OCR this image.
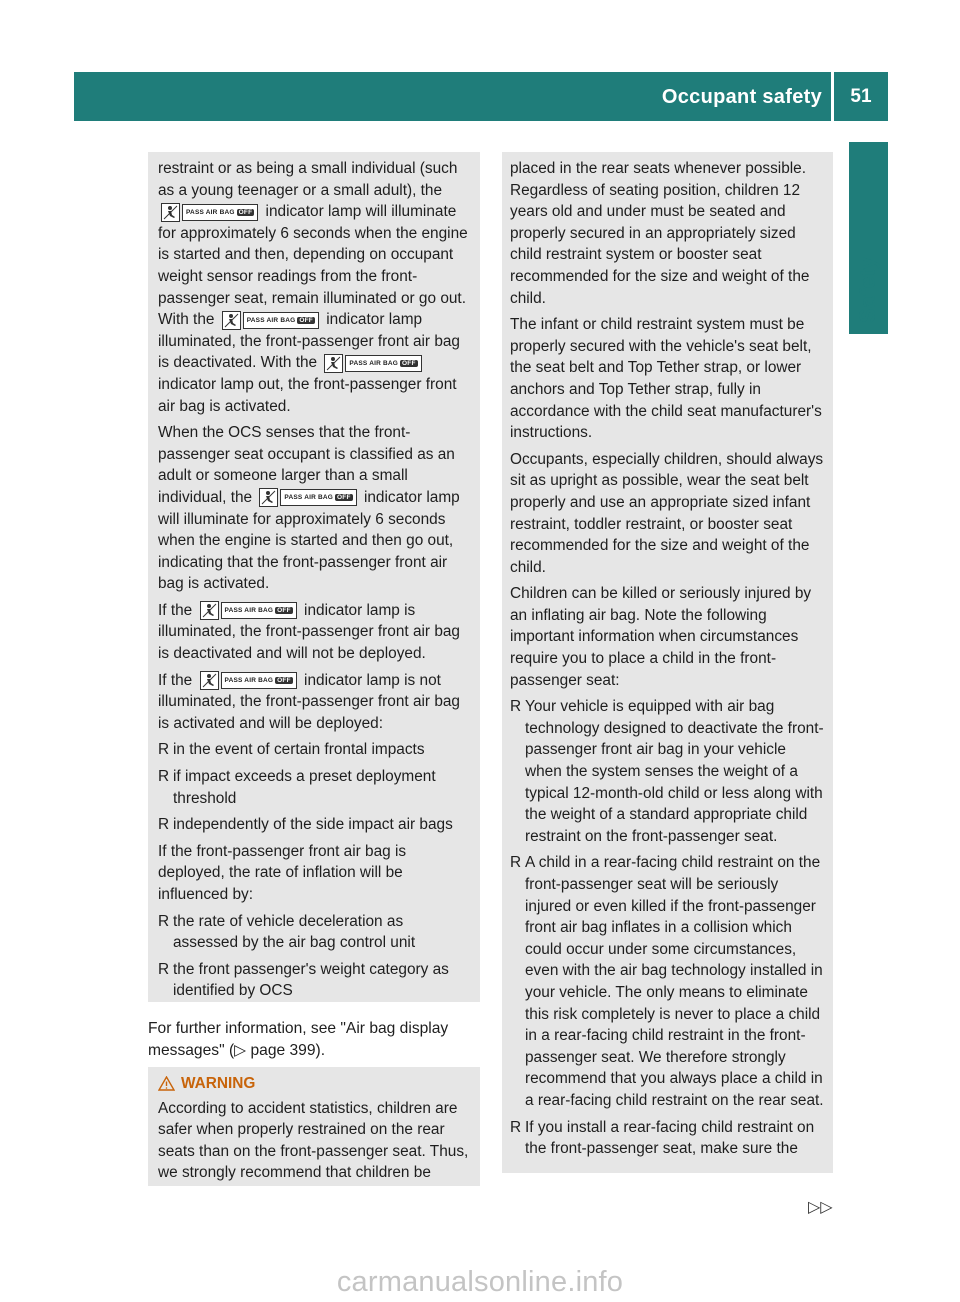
Occupant safety	51
Safety

restraint or as being a small individual (such as a young teenager or a small adult), the
PASS AIR BAG OFF indicator lamp will illuminate for approximately 6 seconds when the engine is started and then, depending on occupant weight sensor readings from the front-passenger seat, remain illuminated or go out. With the	PASS AIR BAG OFF indicator lamp illuminated, the front-passenger front air bag is deactivated. With the	PASS AIR BAG OFF
indicator lamp out, the front-passenger front air bag is activated.

When the OCS senses that the front-passenger seat occupant is classified as an adult or someone larger than a small individual, the	PASS AIR BAG OFF indicator lamp will illuminate for approximately 6 seconds when the engine is started and then go out, indicating that the front-passenger front air bag is activated.

If the	PASS AIR BAG OFF indicator lamp is illuminated, the front-passenger front air bag is deactivated and will not be deployed.

If the	PASS AIR BAG OFF indicator lamp is not illuminated, the front-passenger front air bag is activated and will be deployed:

R in the event of certain frontal impacts
R if impact exceeds a preset deployment threshold
R independently of the side impact air bags

If the front-passenger front air bag is deployed, the rate of inflation will be influenced by:

R the rate of vehicle deceleration as assessed by the air bag control unit
R the front passenger's weight category as identified by OCS
For further information, see "Air bag display messages" (▷ page 399).
WARNING

According to accident statistics, children are safer when properly restrained on the rear seats than on the front-passenger seat. Thus, we strongly recommend that children be

placed in the rear seats whenever possible. Regardless of seating position, children 12 years old and under must be seated and properly secured in an appropriately sized child restraint system or booster seat recommended for the size and weight of the child.

The infant or child restraint system must be properly secured with the vehicle's seat belt, the seat belt and Top Tether strap, or lower anchors and Top Tether strap, fully in accordance with the child seat manufacturer's instructions.

Occupants, especially children, should always sit as upright as possible, wear the seat belt properly and use an appropriate sized infant restraint, toddler restraint, or booster seat recommended for the size and weight of the child.

Children can be killed or seriously injured by an inflating air bag. Note the following important information when circumstances require you to place a child in the front-passenger seat:

R Your vehicle is equipped with air bag technology designed to deactivate the front-passenger front air bag in your vehicle when the system senses the weight of a typical 12-month-old child or less along with the weight of a standard appropriate child restraint on the front-passenger seat.
R A child in a rear-facing child restraint on the front-passenger seat will be seriously injured or even killed if the front-passenger front air bag inflates in a collision which could occur under some circumstances, even with the air bag technology installed in your vehicle. The only means to eliminate this risk completely is never to place a child in a rear-facing child restraint in the front-passenger seat. We therefore strongly recommend that you always place a child in a rear-facing child restraint on the rear seat.
R If you install a rear-facing child restraint on the front-passenger seat, make sure the
▷▷
carmanualsonline.info
